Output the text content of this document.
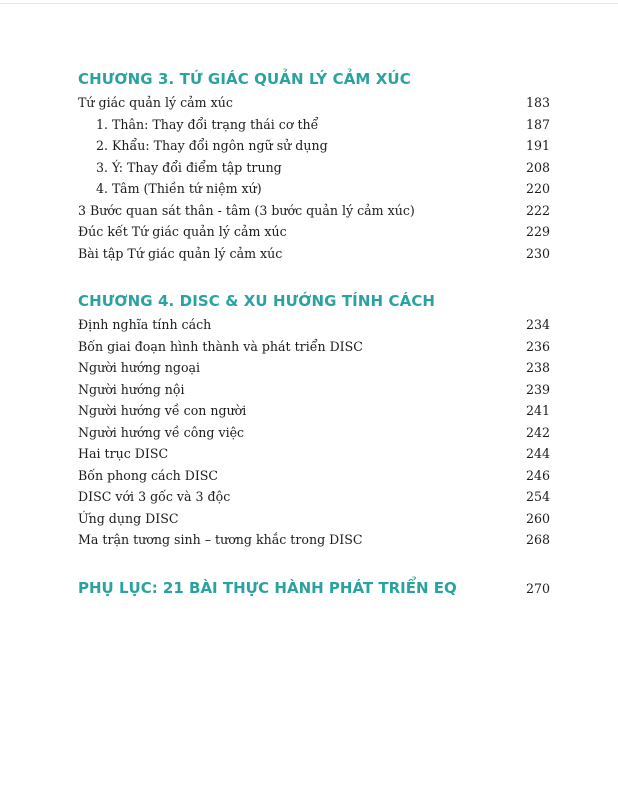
CHƯƠNG 3. TỨ GIÁC QUẢN LÝ CẢM XÚC
Tứ giác quản lý cảm xúc	183
1. Thân: Thay đổi trạng thái cơ thể	187
2. Khẩu: Thay đổi ngôn ngữ sử dụng	191
3. Ý: Thay đổi điểm tập trung	208
4. Tâm (Thiền tứ niệm xứ)	220
3 Bước quan sát thân - tâm (3 bước quản lý cảm xúc)	222
Đúc kết Tứ giác quản lý cảm xúc	229
Bài tập Tứ giác quản lý cảm xúc	230
CHƯƠNG 4. DISC & XU HƯỚNG TÍNH CÁCH
Định nghĩa tính cách	234
Bốn giai đoạn hình thành và phát triển DISC	236
Người hướng ngoại	238
Người hướng nội	239
Người hướng về con người	241
Người hướng về công việc	242
Hai trục DISC	244
Bốn phong cách DISC	246
DISC với 3 gốc và 3 độc	254
Ứng dụng DISC	260
Ma trận tương sinh – tương khắc trong DISC	268
PHỤ LỤC: 21 BÀI THỰC HÀNH PHÁT TRIỂN EQ	270
